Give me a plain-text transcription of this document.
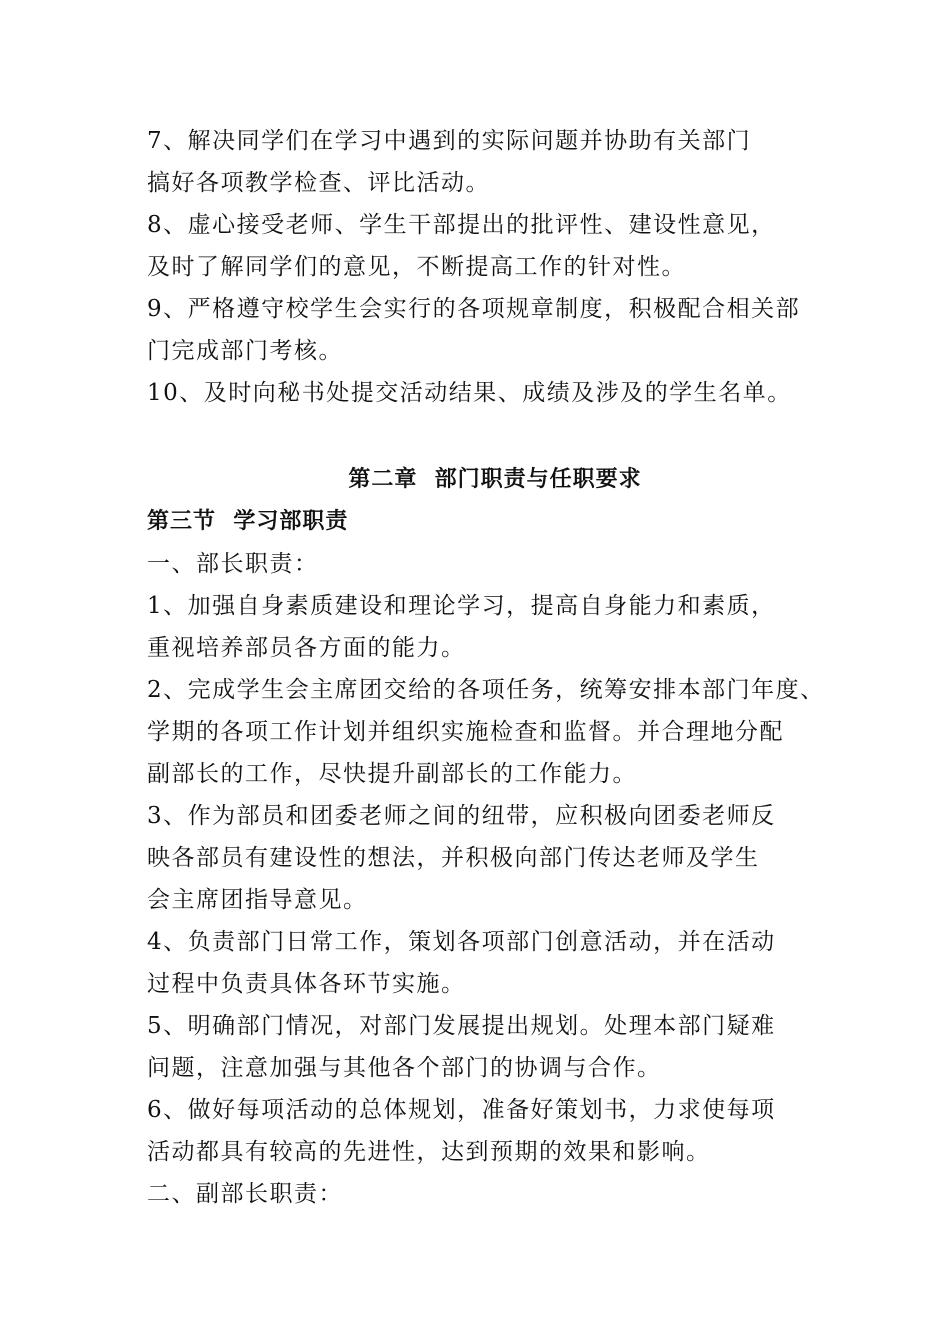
7、解决同学们在学习中遇到的实际问题并协助有关部门
搞好各项教学检查、评比活动。
8、虚心接受老师、学生干部提出的批评性、建设性意见，
及时了解同学们的意见，不断提高工作的针对性。
9、严格遵守校学生会实行的各项规章制度，积极配合相关部
门完成部门考核。
10、及时向秘书处提交活动结果、成绩及涉及的学生名单。
第二章  部门职责与任职要求
第三节  学习部职责
一、部长职责：
1、加强自身素质建设和理论学习，提高自身能力和素质，
重视培养部员各方面的能力。
2、完成学生会主席团交给的各项任务，统筹安排本部门年度、
学期的各项工作计划并组织实施检查和监督。并合理地分配
副部长的工作，尽快提升副部长的工作能力。
3、作为部员和团委老师之间的纽带，应积极向团委老师反
映各部员有建设性的想法，并积极向部门传达老师及学生
会主席团指导意见。
4、负责部门日常工作，策划各项部门创意活动，并在活动
过程中负责具体各环节实施。
5、明确部门情况，对部门发展提出规划。处理本部门疑难
问题，注意加强与其他各个部门的协调与合作。
6、做好每项活动的总体规划，准备好策划书，力求使每项
活动都具有较高的先进性，达到预期的效果和影响。
二、副部长职责：
